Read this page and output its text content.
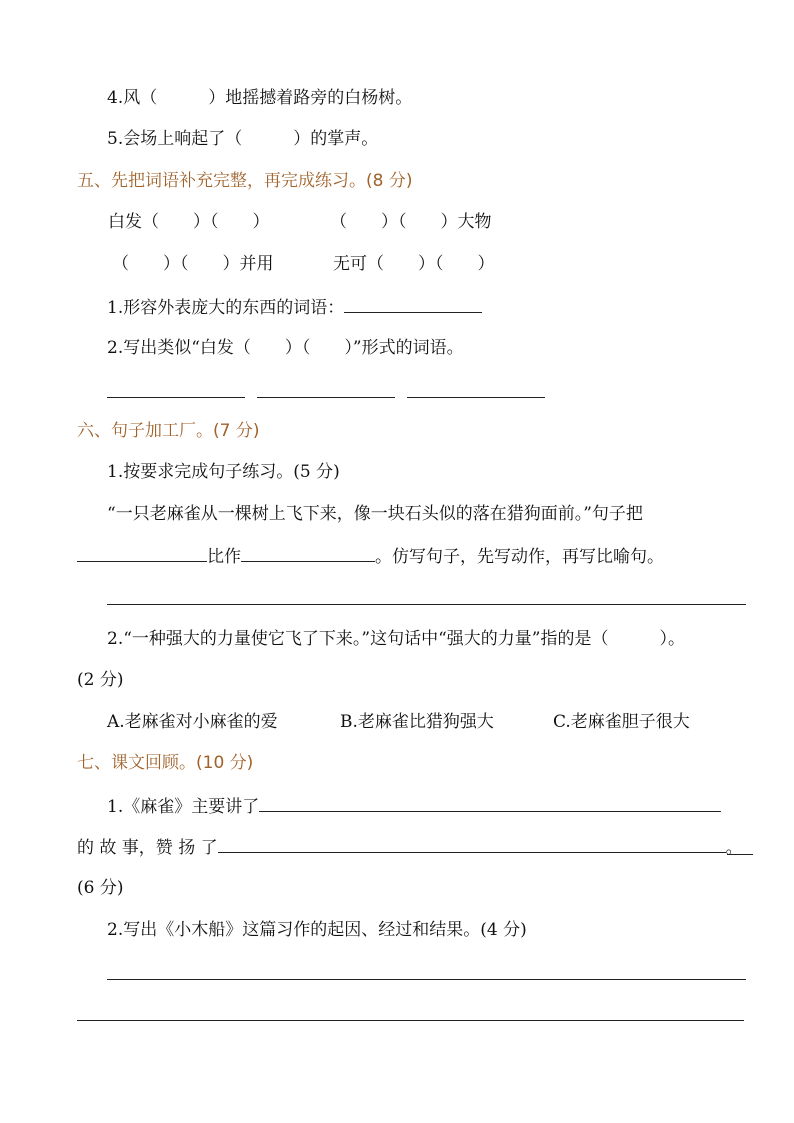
4.风（　　　）地摇撼着路旁的白杨树。
5.会场上响起了（　　　）的掌声。
五、先把词语补充完整，再完成练习。(8 分)
白发（　　）（　　）	（　　）（　　）大物
（　　）（　　）并用	无可（　　）（　　）
1.形容外表庞大的东西的词语：
2.写出类似“白发（　　）（　　）”形式的词语。
六、句子加工厂。(7 分)
1.按要求完成句子练习。(5 分)
“一只老麻雀从一棵树上飞下来，像一块石头似的落在猎狗面前。”句子把
比作	。仿写句子，先写动作，再写比喻句。
2.“一种强大的力量使它飞了下来。”这句话中“强大的力量”指的是（　　　）。
(2 分)
A.老麻雀对小麻雀的爱	B.老麻雀比猎狗强大	C.老麻雀胆子很大
七、课文回顾。(10 分)
1.《麻雀》主要讲了
的 故 事，赞 扬 了	。
(6 分)
2.写出《小木船》这篇习作的起因、经过和结果。(4 分)
